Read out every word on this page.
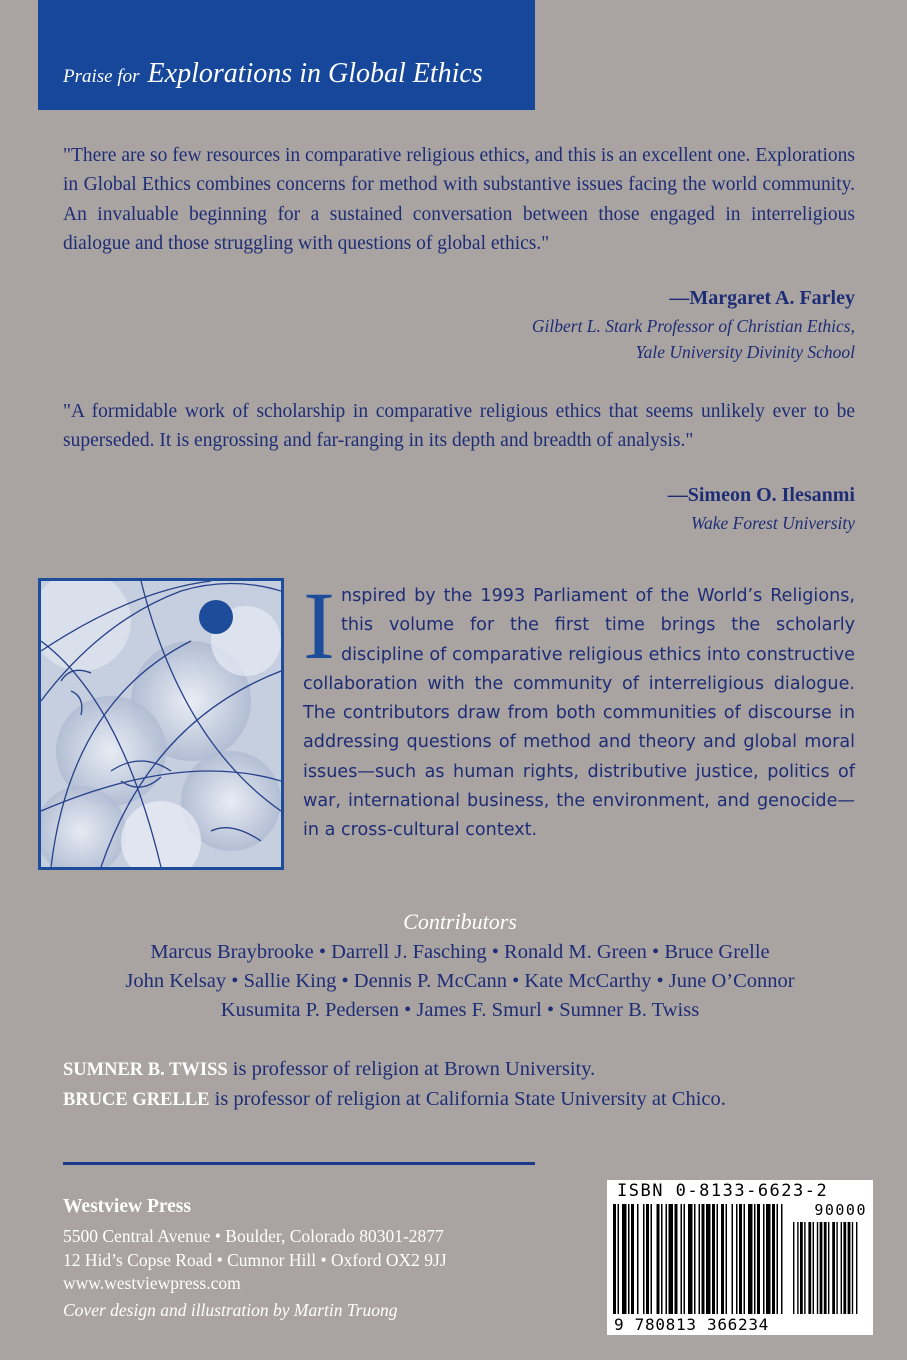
Praise for Explorations in Global Ethics
"There are so few resources in comparative religious ethics, and this is an excellent one. Explorations in Global Ethics combines concerns for method with substantive issues facing the world community. An invaluable beginning for a sustained conversation between those engaged in interreligious dialogue and those struggling with questions of global ethics."
—Margaret A. Farley
Gilbert L. Stark Professor of Christian Ethics,
Yale University Divinity School
"A formidable work of scholarship in comparative religious ethics that seems unlikely ever to be superseded. It is engrossing and far-ranging in its depth and breadth of analysis."
—Simeon O. Ilesanmi
Wake Forest University
Inspired by the 1993 Parliament of the World’s Religions, this volume for the first time brings the scholarly discipline of comparative religious ethics into constructive collaboration with the community of interreligious dialogue. The contributors draw from both communities of discourse in addressing questions of method and theory and global moral issues—such as human rights, distributive justice, politics of war, international business, the environment, and genocide—in a cross-cultural context.
Contributors
Marcus Braybrooke • Darrell J. Fasching • Ronald M. Green • Bruce Grelle
John Kelsay • Sallie King • Dennis P. McCann • Kate McCarthy • June O’Connor
Kusumita P. Pedersen • James F. Smurl • Sumner B. Twiss
SUMNER B. TWISS is professor of religion at Brown University.
BRUCE GRELLE is professor of religion at California State University at Chico.
Westview Press
5500 Central Avenue • Boulder, Colorado 80301-2877
12 Hid’s Copse Road • Cumnor Hill • Oxford OX2 9JJ
www.westviewpress.com
Cover design and illustration by Martin Truong
ISBN 0-8133-6623-2
90000
9 780813 366234
